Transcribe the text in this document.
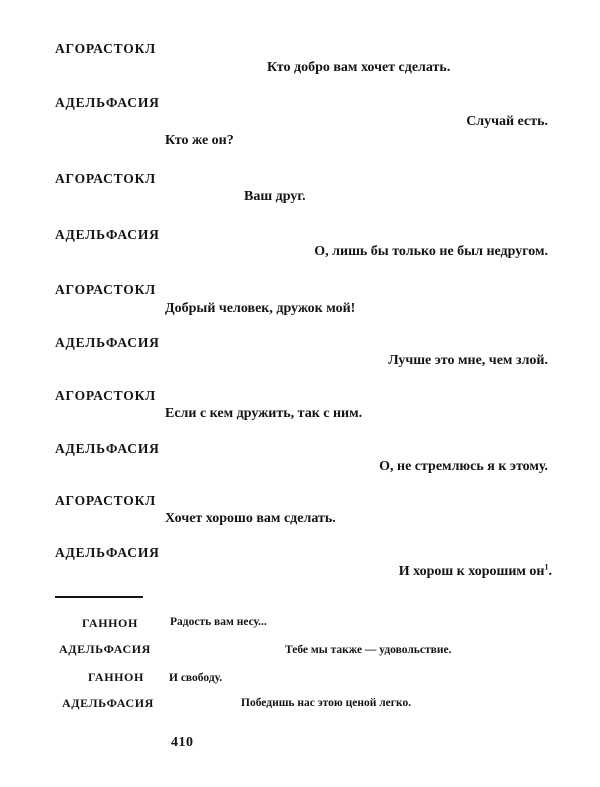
АГОРАСТОКЛ
Кто добро вам хочет сделать.
АДЕЛЬФАСИЯ
Случай есть.
Кто же он?
АГОРАСТОКЛ
Ваш друг.
АДЕЛЬФАСИЯ
О, лишь бы только не был недругом.
АГОРАСТОКЛ
Добрый человек, дружок мой!
АДЕЛЬФАСИЯ
Лучше это мне, чем злой.
АГОРАСТОКЛ
Если с кем дружить, так с ним.
АДЕЛЬФАСИЯ
О, не стремлюсь я к этому.
АГОРАСТОКЛ
Хочет хорошо вам сделать.
АДЕЛЬФАСИЯ
И хорош к хорошим $он^1$.
ГАННОН	Радость вам несу...
АДЕЛЬФАСИЯ	Тебе мы также — удовольствие.
ГАННОН И свободу.
АДЕЛЬФАСИЯ	Победишь нас этою ценой легко.
410
